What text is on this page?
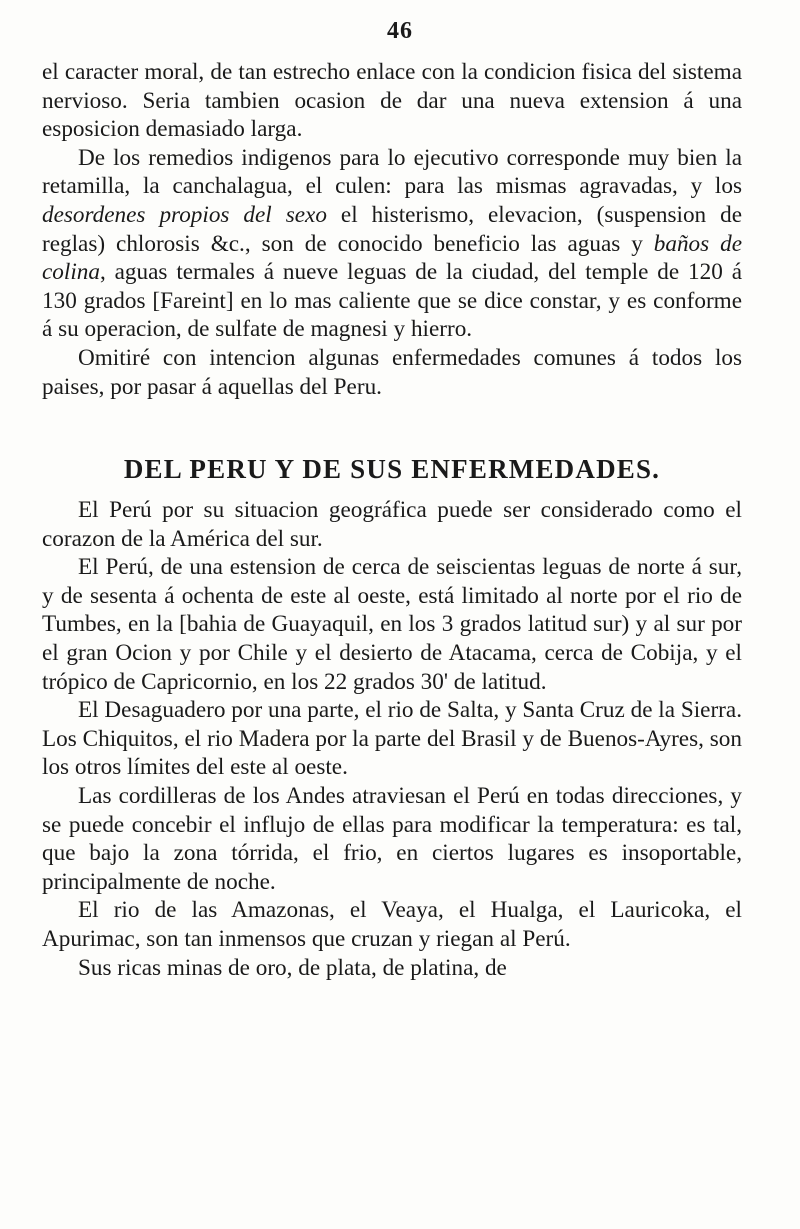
46

el caracter moral, de tan estrecho enlace con la condicion fisica del sistema nervioso. Seria tambien ocasion de dar una nueva extension á una esposicion demasiado larga.

De los remedios indigenos para lo ejecutivo corresponde muy bien la retamilla, la canchalagua, el culen: para las mismas agravadas, y los desordenes propios del sexo el histerismo, elevacion, (suspension de reglas) chlorosis &c., son de conocido beneficio las aguas y baños de colina, aguas termales á nueve leguas de la ciudad, del temple de 120 á 130 grados [Fareint] en lo mas caliente que se dice constar, y es conforme á su operacion, de sulfate de magnesi y hierro.

Omitiré con intencion algunas enfermedades comunes á todos los paises, por pasar á aquellas del Peru.

DEL PERU Y DE SUS ENFERMEDADES.

El Perú por su situacion geográfica puede ser considerado como el corazon de la América del sur.

El Perú, de una estension de cerca de seiscientas leguas de norte á sur, y de sesenta á ochenta de este al oeste, está limitado al norte por el rio de Tumbes, en la [bahia de Guayaquil, en los 3 grados latitud sur) y al sur por el gran Ocion y por Chile y el desierto de Atacama, cerca de Cobija, y el trópico de Capricornio, en los 22 grados 30' de latitud.

El Desaguadero por una parte, el rio de Salta, y Santa Cruz de la Sierra. Los Chiquitos, el rio Madera por la parte del Brasil y de Buenos-Ayres, son los otros límites del este al oeste.

Las cordilleras de los Andes atraviesan el Perú en todas direcciones, y se puede concebir el influjo de ellas para modificar la temperatura: es tal, que bajo la zona tórrida, el frio, en ciertos lugares es insoportable, principalmente de noche.

El rio de las Amazonas, el Veaya, el Hualga, el Lauricoka, el Apurimac, son tan inmensos que cruzan y riegan al Perú.

Sus ricas minas de oro, de plata, de platina, de
